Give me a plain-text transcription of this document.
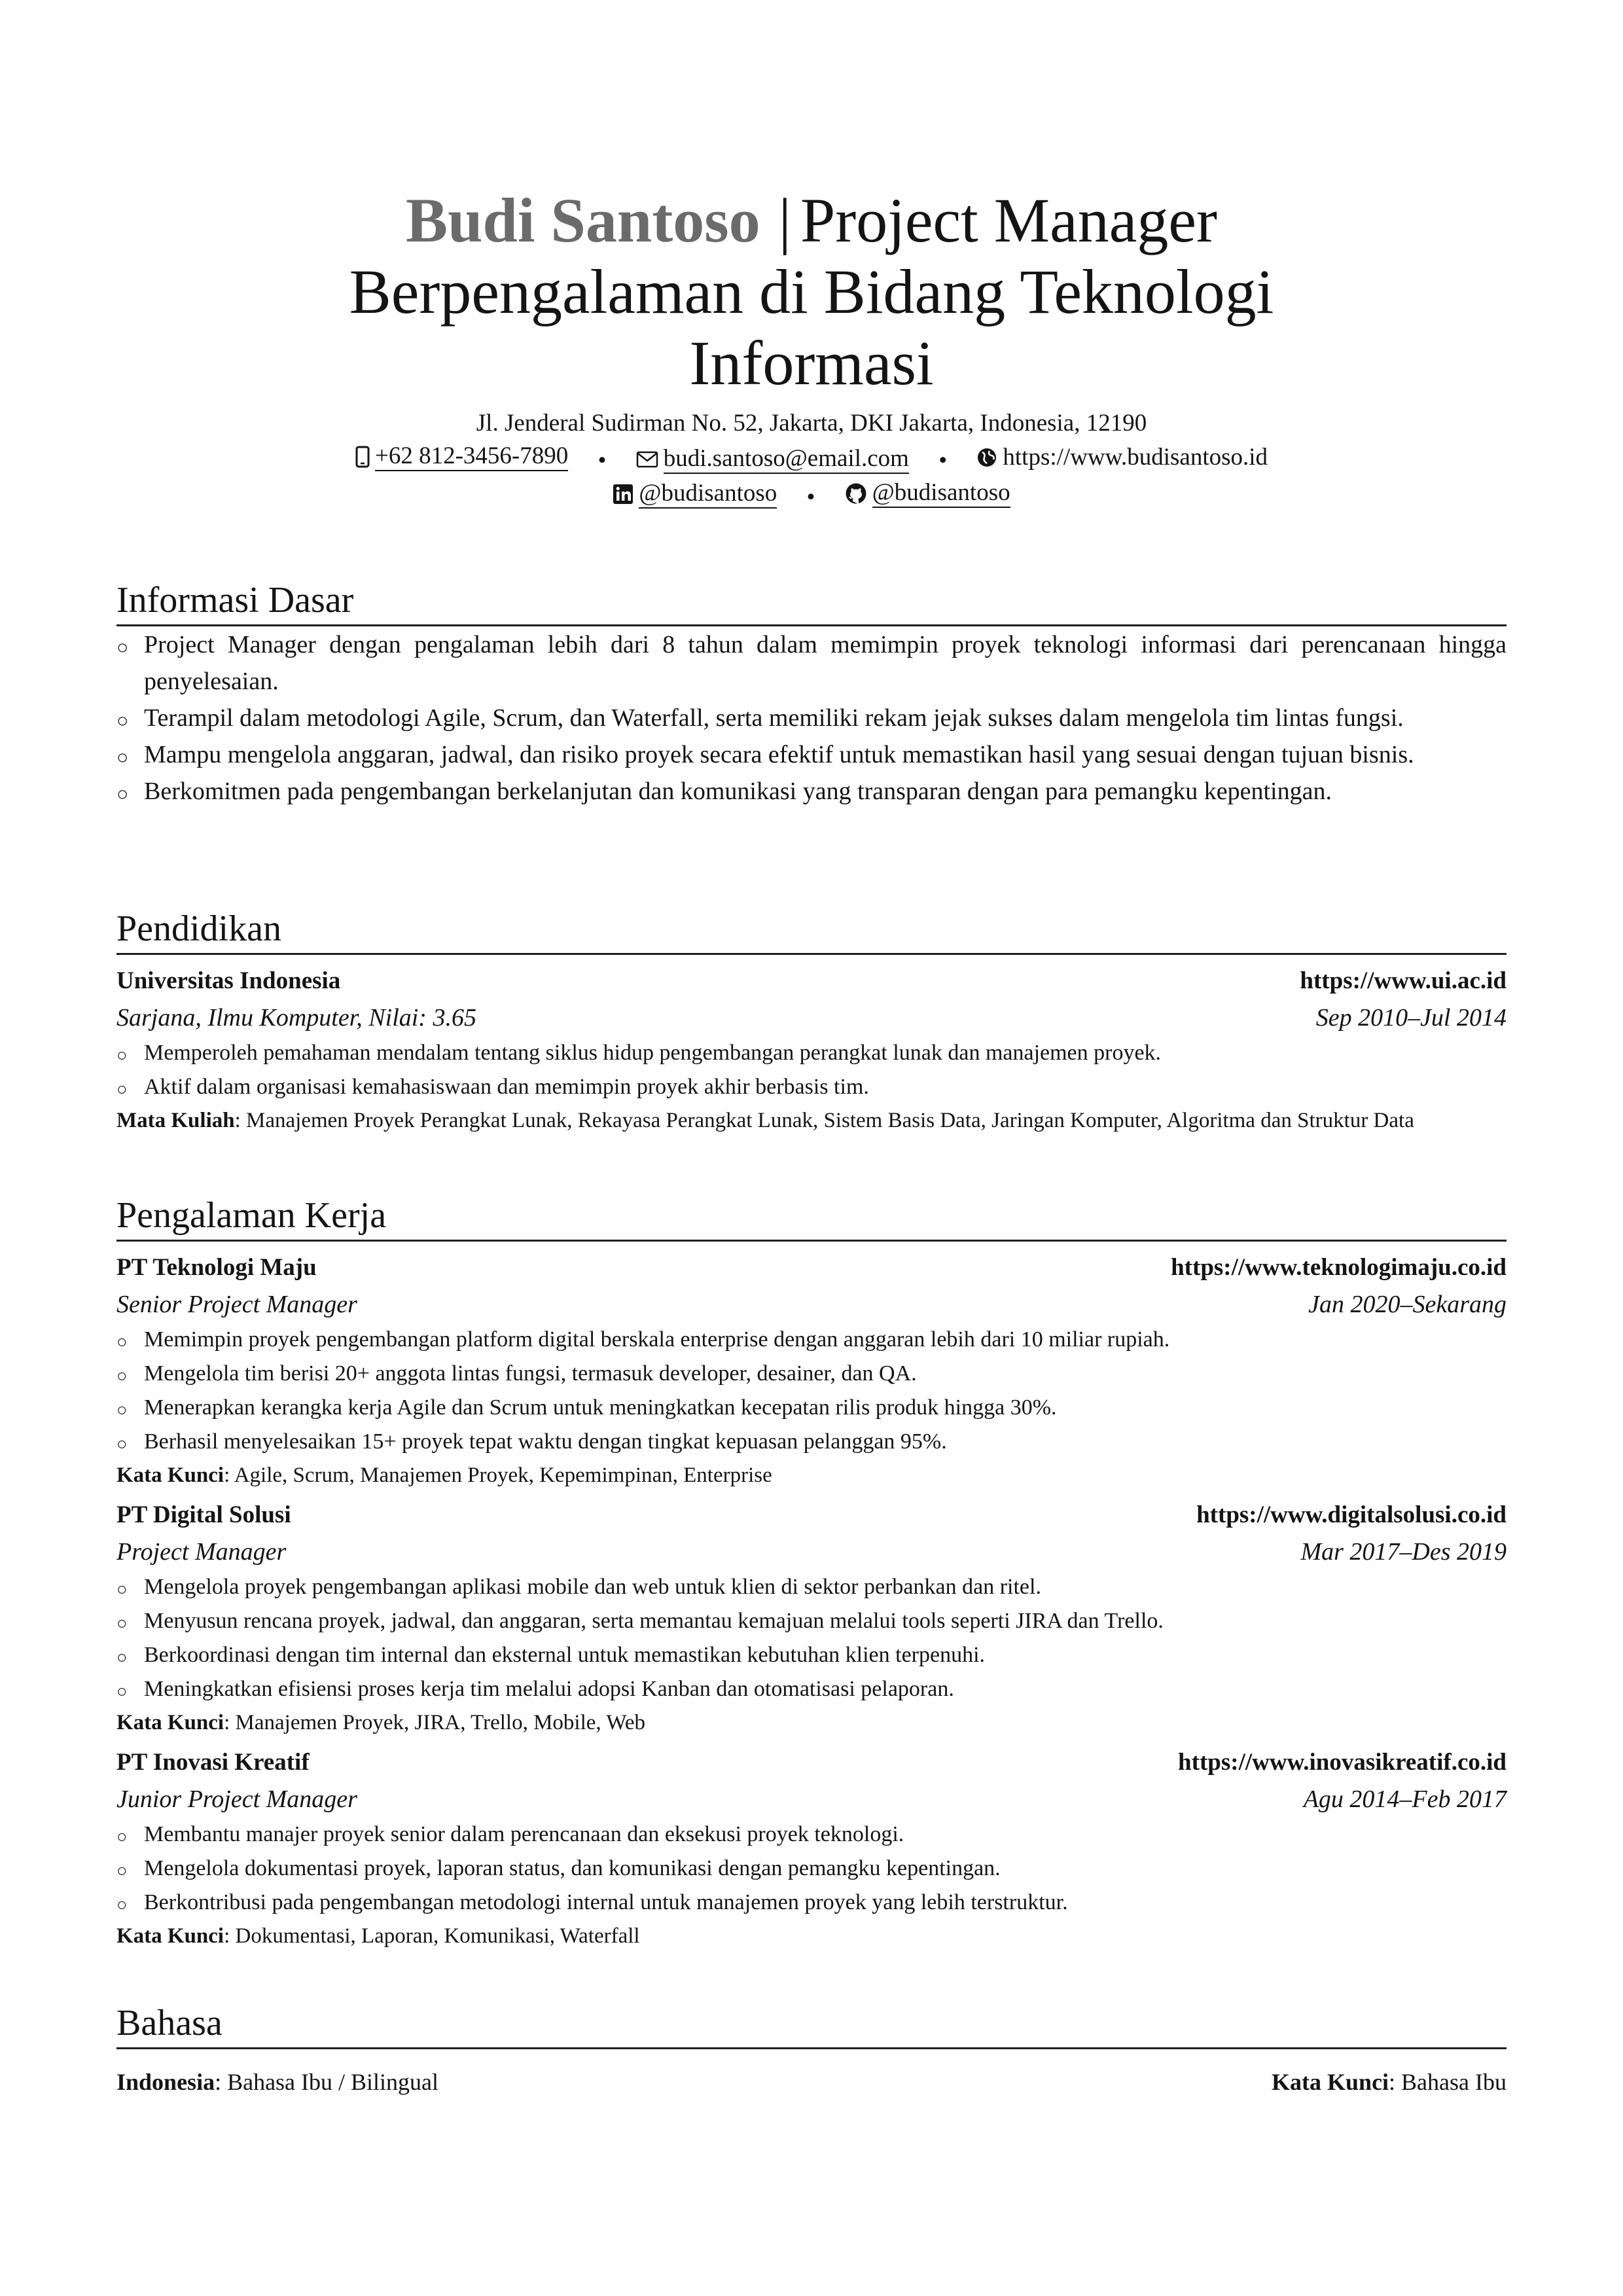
Budi Santoso | Project Manager
Berpengalaman di Bidang Teknologi
Informasi
Jl. Jenderal Sudirman No. 52, Jakarta, DKI Jakarta, Indonesia, 12190
+62 812-3456-7890 • budi.santoso@email.com • https://www.budisantoso.id
@budisantoso • @budisantoso
Informasi Dasar
○ Project Manager dengan pengalaman lebih dari 8 tahun dalam memimpin proyek teknologi informasi dari perencanaan hingga penyelesaian.
○ Terampil dalam metodologi Agile, Scrum, dan Waterfall, serta memiliki rekam jejak sukses dalam mengelola tim lintas fungsi.
○ Mampu mengelola anggaran, jadwal, dan risiko proyek secara efektif untuk memastikan hasil yang sesuai dengan tujuan bisnis.
○ Berkomitmen pada pengembangan berkelanjutan dan komunikasi yang transparan dengan para pemangku kepentingan.
Pendidikan
Universitas Indonesia	https://www.ui.ac.id
Sarjana, Ilmu Komputer, Nilai: 3.65	Sep 2010–Jul 2014
○ Memperoleh pemahaman mendalam tentang siklus hidup pengembangan perangkat lunak dan manajemen proyek.
○ Aktif dalam organisasi kemahasiswaan dan memimpin proyek akhir berbasis tim.
Mata Kuliah: Manajemen Proyek Perangkat Lunak, Rekayasa Perangkat Lunak, Sistem Basis Data, Jaringan Komputer, Algoritma dan Struktur Data
Pengalaman Kerja
PT Teknologi Maju	https://www.teknologimaju.co.id
Senior Project Manager	Jan 2020–Sekarang
○ Memimpin proyek pengembangan platform digital berskala enterprise dengan anggaran lebih dari 10 miliar rupiah.
○ Mengelola tim berisi 20+ anggota lintas fungsi, termasuk developer, desainer, dan QA.
○ Menerapkan kerangka kerja Agile dan Scrum untuk meningkatkan kecepatan rilis produk hingga 30%.
○ Berhasil menyelesaikan 15+ proyek tepat waktu dengan tingkat kepuasan pelanggan 95%.
Kata Kunci: Agile, Scrum, Manajemen Proyek, Kepemimpinan, Enterprise
PT Digital Solusi	https://www.digitalsolusi.co.id
Project Manager	Mar 2017–Des 2019
○ Mengelola proyek pengembangan aplikasi mobile dan web untuk klien di sektor perbankan dan ritel.
○ Menyusun rencana proyek, jadwal, dan anggaran, serta memantau kemajuan melalui tools seperti JIRA dan Trello.
○ Berkoordinasi dengan tim internal dan eksternal untuk memastikan kebutuhan klien terpenuhi.
○ Meningkatkan efisiensi proses kerja tim melalui adopsi Kanban dan otomatisasi pelaporan.
Kata Kunci: Manajemen Proyek, JIRA, Trello, Mobile, Web
PT Inovasi Kreatif	https://www.inovasikreatif.co.id
Junior Project Manager	Agu 2014–Feb 2017
○ Membantu manajer proyek senior dalam perencanaan dan eksekusi proyek teknologi.
○ Mengelola dokumentasi proyek, laporan status, dan komunikasi dengan pemangku kepentingan.
○ Berkontribusi pada pengembangan metodologi internal untuk manajemen proyek yang lebih terstruktur.
Kata Kunci: Dokumentasi, Laporan, Komunikasi, Waterfall
Bahasa
Indonesia: Bahasa Ibu / Bilingual	Kata Kunci: Bahasa Ibu
